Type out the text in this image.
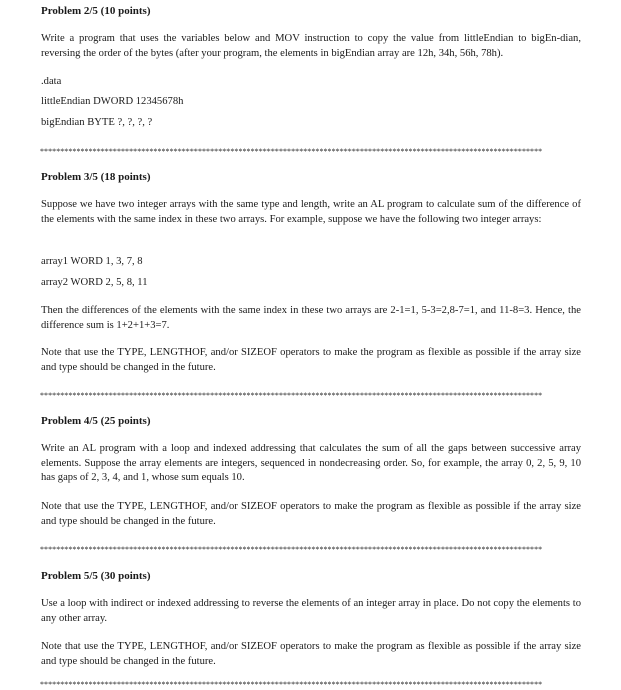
Problem 2/5 (10 points)

Write a program that uses the variables below and MOV instruction to copy the value from littleEndian to bigEn-dian, reversing the order of the bytes (after your program, the elements in bigEndian array are 12h, 34h, 56h, 78h).

.data

littleEndian DWORD 12345678h

bigEndian BYTE ?, ?, ?, ?

****************************************************************************************************************************

Problem 3/5 (18 points)

Suppose we have two integer arrays with the same type and length, write an AL program to calculate sum of the difference of the elements with the same index in these two arrays. For example, suppose we have the following two integer arrays:

array1 WORD 1, 3, 7, 8

array2 WORD 2, 5, 8, 11

Then the differences of the elements with the same index in these two arrays are 2-1=1, 5-3=2,8-7=1, and 11-8=3. Hence, the difference sum is 1+2+1+3=7.

Note that use the TYPE, LENGTHOF, and/or SIZEOF operators to make the program as flexible as possible if the array size and type should be changed in the future.

****************************************************************************************************************************

Problem 4/5 (25 points)

Write an AL program with a loop and indexed addressing that calculates the sum of all the gaps between successive array elements. Suppose the array elements are integers, sequenced in nondecreasing order. So, for example, the array 0, 2, 5, 9, 10 has gaps of 2, 3, 4, and 1, whose sum equals 10.

Note that use the TYPE, LENGTHOF, and/or SIZEOF operators to make the program as flexible as possible if the array size and type should be changed in the future.

****************************************************************************************************************************

Problem 5/5 (30 points)

Use a loop with indirect or indexed addressing to reverse the elements of an integer array in place. Do not copy the elements to any other array.

Note that use the TYPE, LENGTHOF, and/or SIZEOF operators to make the program as flexible as possible if the array size and type should be changed in the future.

****************************************************************************************************************************
